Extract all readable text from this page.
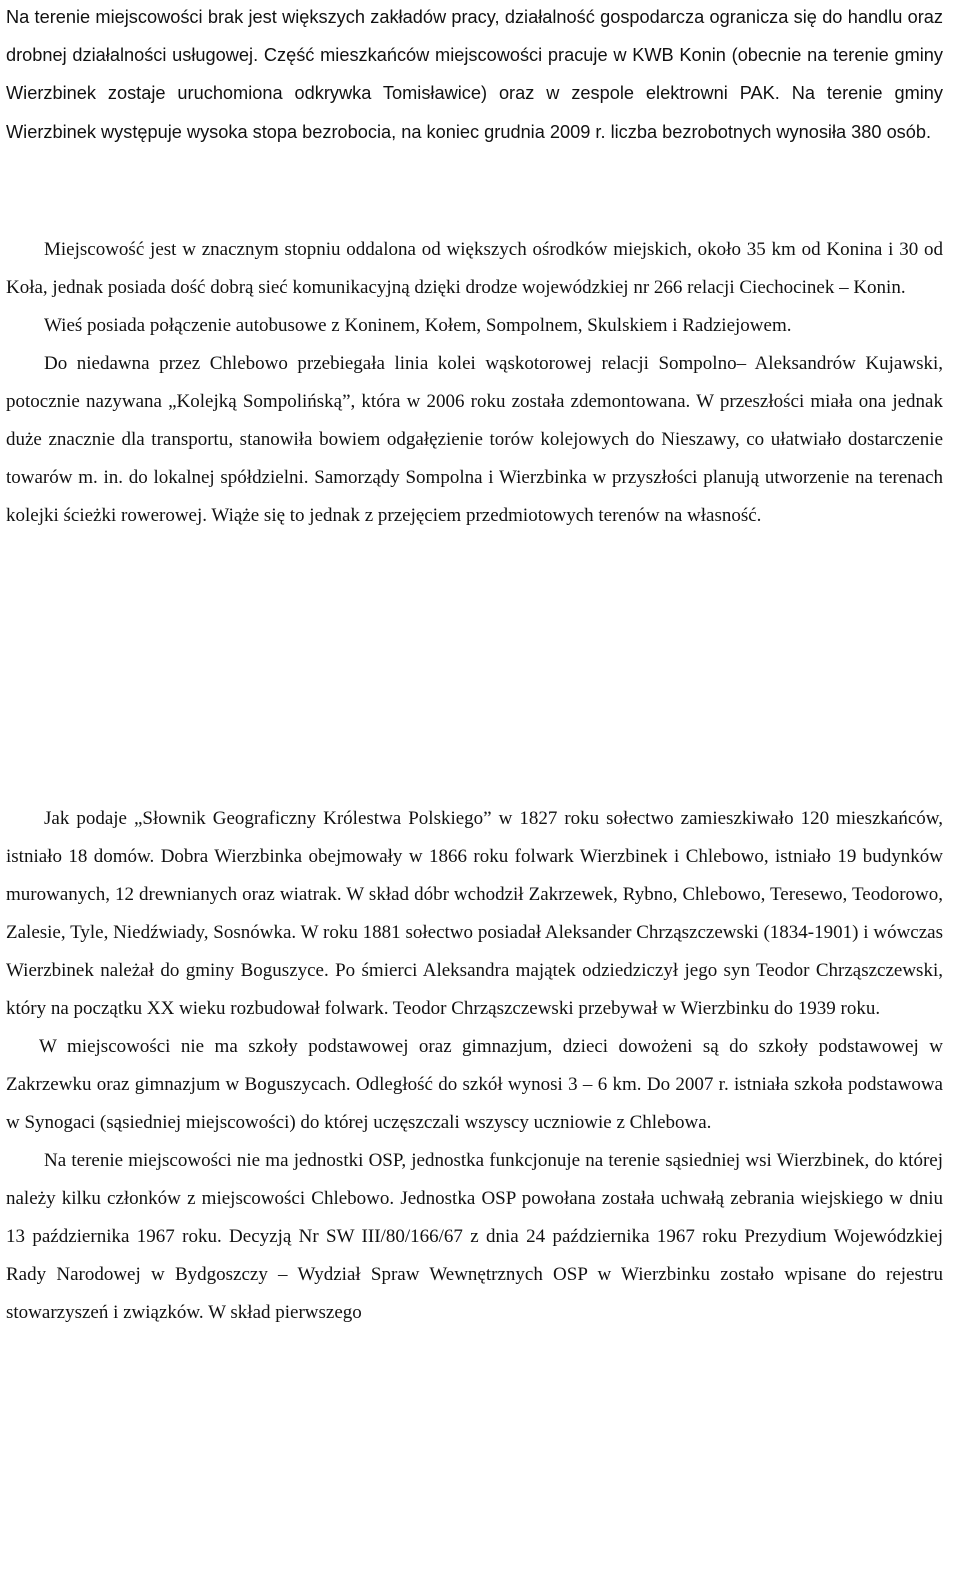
Na terenie miejscowości brak jest większych zakładów pracy, działalność gospodarcza ogranicza się do handlu oraz drobnej działalności usługowej. Część mieszkańców miejscowości pracuje w KWB Konin (obecnie na terenie gminy Wierzbinek zostaje uruchomiona odkrywka Tomisławice) oraz w zespole elektrowni PAK. Na terenie gminy Wierzbinek występuje wysoka stopa bezrobocia, na koniec grudnia 2009 r. liczba bezrobotnych wynosiła 380 osób.

Miejscowość jest w znacznym stopniu oddalona od większych ośrodków miejskich, około 35 km od Konina i 30 od Koła, jednak posiada dość dobrą sieć komunikacyjną dzięki drodze wojewódzkiej nr 266 relacji Ciechocinek – Konin.

Wieś posiada połączenie autobusowe z Koninem, Kołem, Sompolnem, Skulskiem i Radziejowem.

Do niedawna przez Chlebowo przebiegała linia kolei wąskotorowej relacji Sompolno– Aleksandrów Kujawski, potocznie nazywana „Kolejką Sompolińską”, która w 2006 roku została zdemontowana. W przeszłości miała ona jednak duże znacznie dla transportu, stanowiła bowiem odgałęzienie torów kolejowych do Nieszawy, co ułatwiało dostarczenie towarów m. in. do lokalnej spółdzielni. Samorządy Sompolna i Wierzbinka w przyszłości planują utworzenie na terenach kolejki ścieżki rowerowej. Wiąże się to jednak z przejęciem przedmiotowych terenów na własność.

Jak podaje „Słownik Geograficzny Królestwa Polskiego” w 1827 roku sołectwo zamieszkiwało 120 mieszkańców, istniało 18 domów. Dobra Wierzbinka obejmowały w 1866 roku folwark Wierzbinek i Chlebowo, istniało 19 budynków murowanych, 12 drewnianych oraz wiatrak. W skład dóbr wchodził Zakrzewek, Rybno, Chlebowo, Teresewo, Teodorowo, Zalesie, Tyle, Niedźwiady, Sosnówka. W roku 1881 sołectwo posiadał Aleksander Chrząszczewski (1834-1901) i wówczas Wierzbinek należał do gminy Boguszyce. Po śmierci Aleksandra majątek odziedziczył jego syn Teodor Chrząszczewski, który na początku XX wieku rozbudował folwark. Teodor Chrząszczewski przebywał w Wierzbinku do 1939 roku.

W miejscowości nie ma szkoły podstawowej oraz gimnazjum, dzieci dowożeni są do szkoły podstawowej w Zakrzewku oraz gimnazjum w Boguszycach. Odległość do szkół wynosi 3 – 6 km. Do 2007 r. istniała szkoła podstawowa w Synogaci (sąsiedniej miejscowości) do której uczęszczali wszyscy uczniowie z Chlebowa.

Na terenie miejscowości nie ma jednostki OSP, jednostka funkcjonuje na terenie sąsiedniej wsi Wierzbinek, do której należy kilku członków z miejscowości Chlebowo. Jednostka OSP powołana została uchwałą zebrania wiejskiego w dniu 13 października 1967 roku. Decyzją Nr SW III/80/166/67 z dnia 24 października 1967 roku Prezydium Wojewódzkiej Rady Narodowej w Bydgoszczy – Wydział Spraw Wewnętrznych OSP w Wierzbinku zostało wpisane do rejestru stowarzyszeń i związków. W skład pierwszego
